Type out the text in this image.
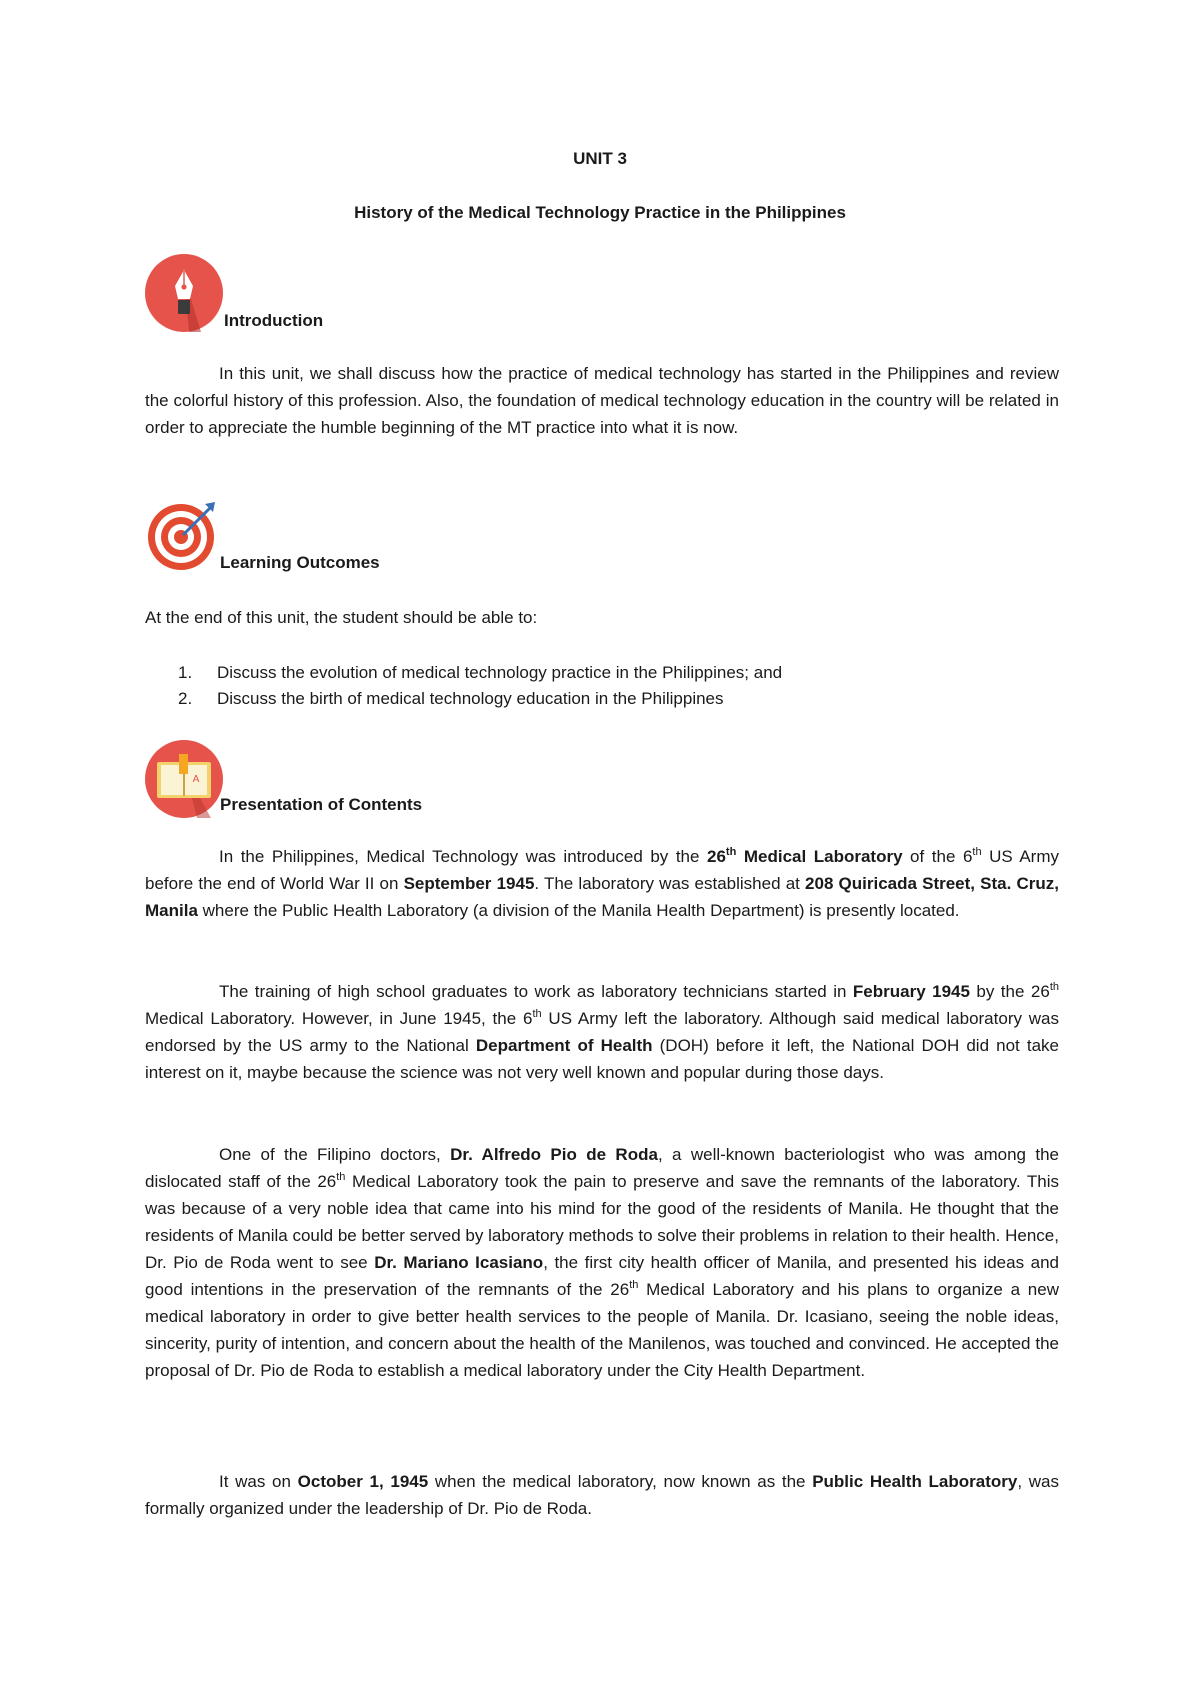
UNIT 3
History of the Medical Technology Practice in the Philippines
Introduction

In this unit, we shall discuss how the practice of medical technology has started in the Philippines and review the colorful history of this profession. Also, the foundation of medical technology education in the country will be related in order to appreciate the humble beginning of the MT practice into what it is now.

Learning Outcomes

At the end of this unit, the student should be able to:

1. Discuss the evolution of medical technology practice in the Philippines; and
2. Discuss the birth of medical technology education in the Philippines
A
Presentation of Contents

In the Philippines, Medical Technology was introduced by the 26th Medical Laboratory of the 6th US Army before the end of World War II on September 1945. The laboratory was established at 208 Quiricada Street, Sta. Cruz, Manila where the Public Health Laboratory (a division of the Manila Health Department) is presently located.

The training of high school graduates to work as laboratory technicians started in February 1945 by the 26th Medical Laboratory. However, in June 1945, the 6th US Army left the laboratory. Although said medical laboratory was endorsed by the US army to the National Department of Health (DOH) before it left, the National DOH did not take interest on it, maybe because the science was not very well known and popular during those days.

One of the Filipino doctors, Dr. Alfredo Pio de Roda, a well-known bacteriologist who was among the dislocated staff of the 26th Medical Laboratory took the pain to preserve and save the remnants of the laboratory. This was because of a very noble idea that came into his mind for the good of the residents of Manila. He thought that the residents of Manila could be better served by laboratory methods to solve their problems in relation to their health. Hence, Dr. Pio de Roda went to see Dr. Mariano Icasiano, the first city health officer of Manila, and presented his ideas and good intentions in the preservation of the remnants of the 26th Medical Laboratory and his plans to organize a new medical laboratory in order to give better health services to the people of Manila. Dr. Icasiano, seeing the noble ideas, sincerity, purity of intention, and concern about the health of the Manilenos, was touched and convinced. He accepted the proposal of Dr. Pio de Roda to establish a medical laboratory under the City Health Department.

It was on October 1, 1945 when the medical laboratory, now known as the Public Health Laboratory, was formally organized under the leadership of Dr. Pio de Roda.
